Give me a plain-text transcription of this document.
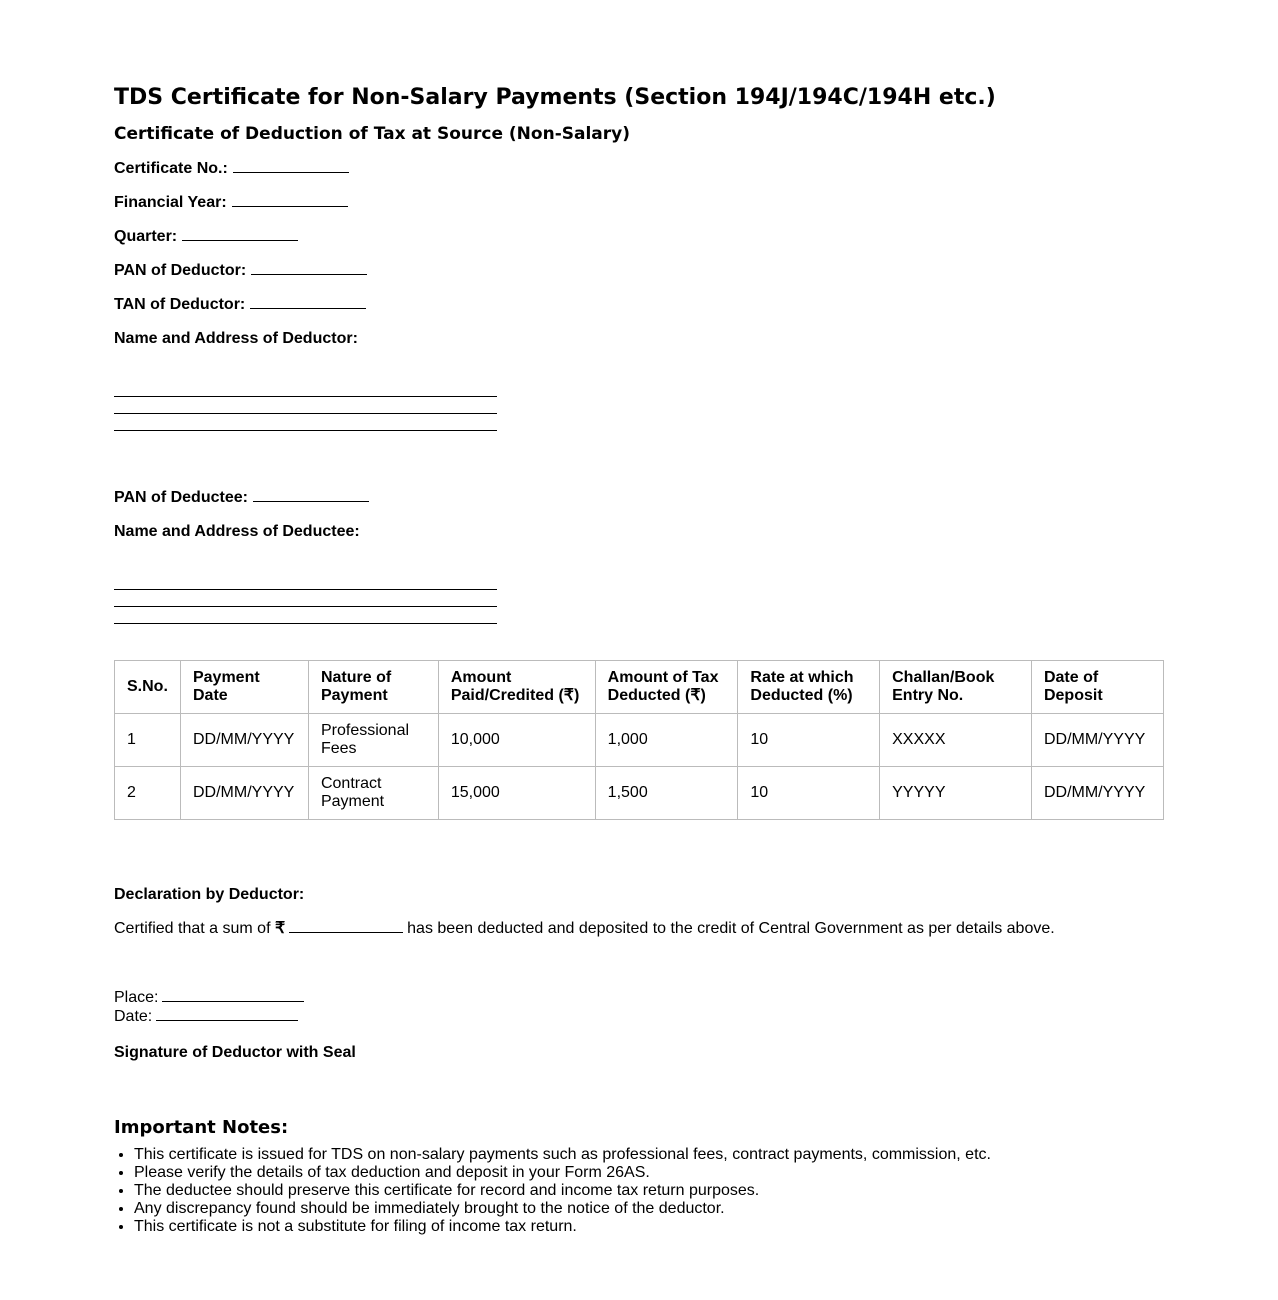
TDS Certificate for Non-Salary Payments (Section 194J/194C/194H etc.)
Certificate of Deduction of Tax at Source (Non-Salary)
Certificate No.:
Financial Year:
Quarter:
PAN of Deductor:
TAN of Deductor:
Name and Address of Deductor:
PAN of Deductee:
Name and Address of Deductee:
S.No.	Payment Date	Nature of Payment	Amount Paid/Credited (₹)	Amount of Tax Deducted (₹)	Rate at which Deducted (%)	Challan/Book Entry No.	Date of Deposit
1	DD/MM/YYYY	Professional Fees	10,000	1,000	10	XXXXX	DD/MM/YYYY
2	DD/MM/YYYY	Contract Payment	15,000	1,500	10	YYYYY	DD/MM/YYYY
Declaration by Deductor:
Certified that a sum of ₹	has been deducted and deposited to the credit of Central Government as per details above.
Place:
Date:
Signature of Deductor with Seal
Important Notes:
• This certificate is issued for TDS on non-salary payments such as professional fees, contract payments, commission, etc.
• Please verify the details of tax deduction and deposit in your Form 26AS.
• The deductee should preserve this certificate for record and income tax return purposes.
• Any discrepancy found should be immediately brought to the notice of the deductor.
• This certificate is not a substitute for filing of income tax return.
